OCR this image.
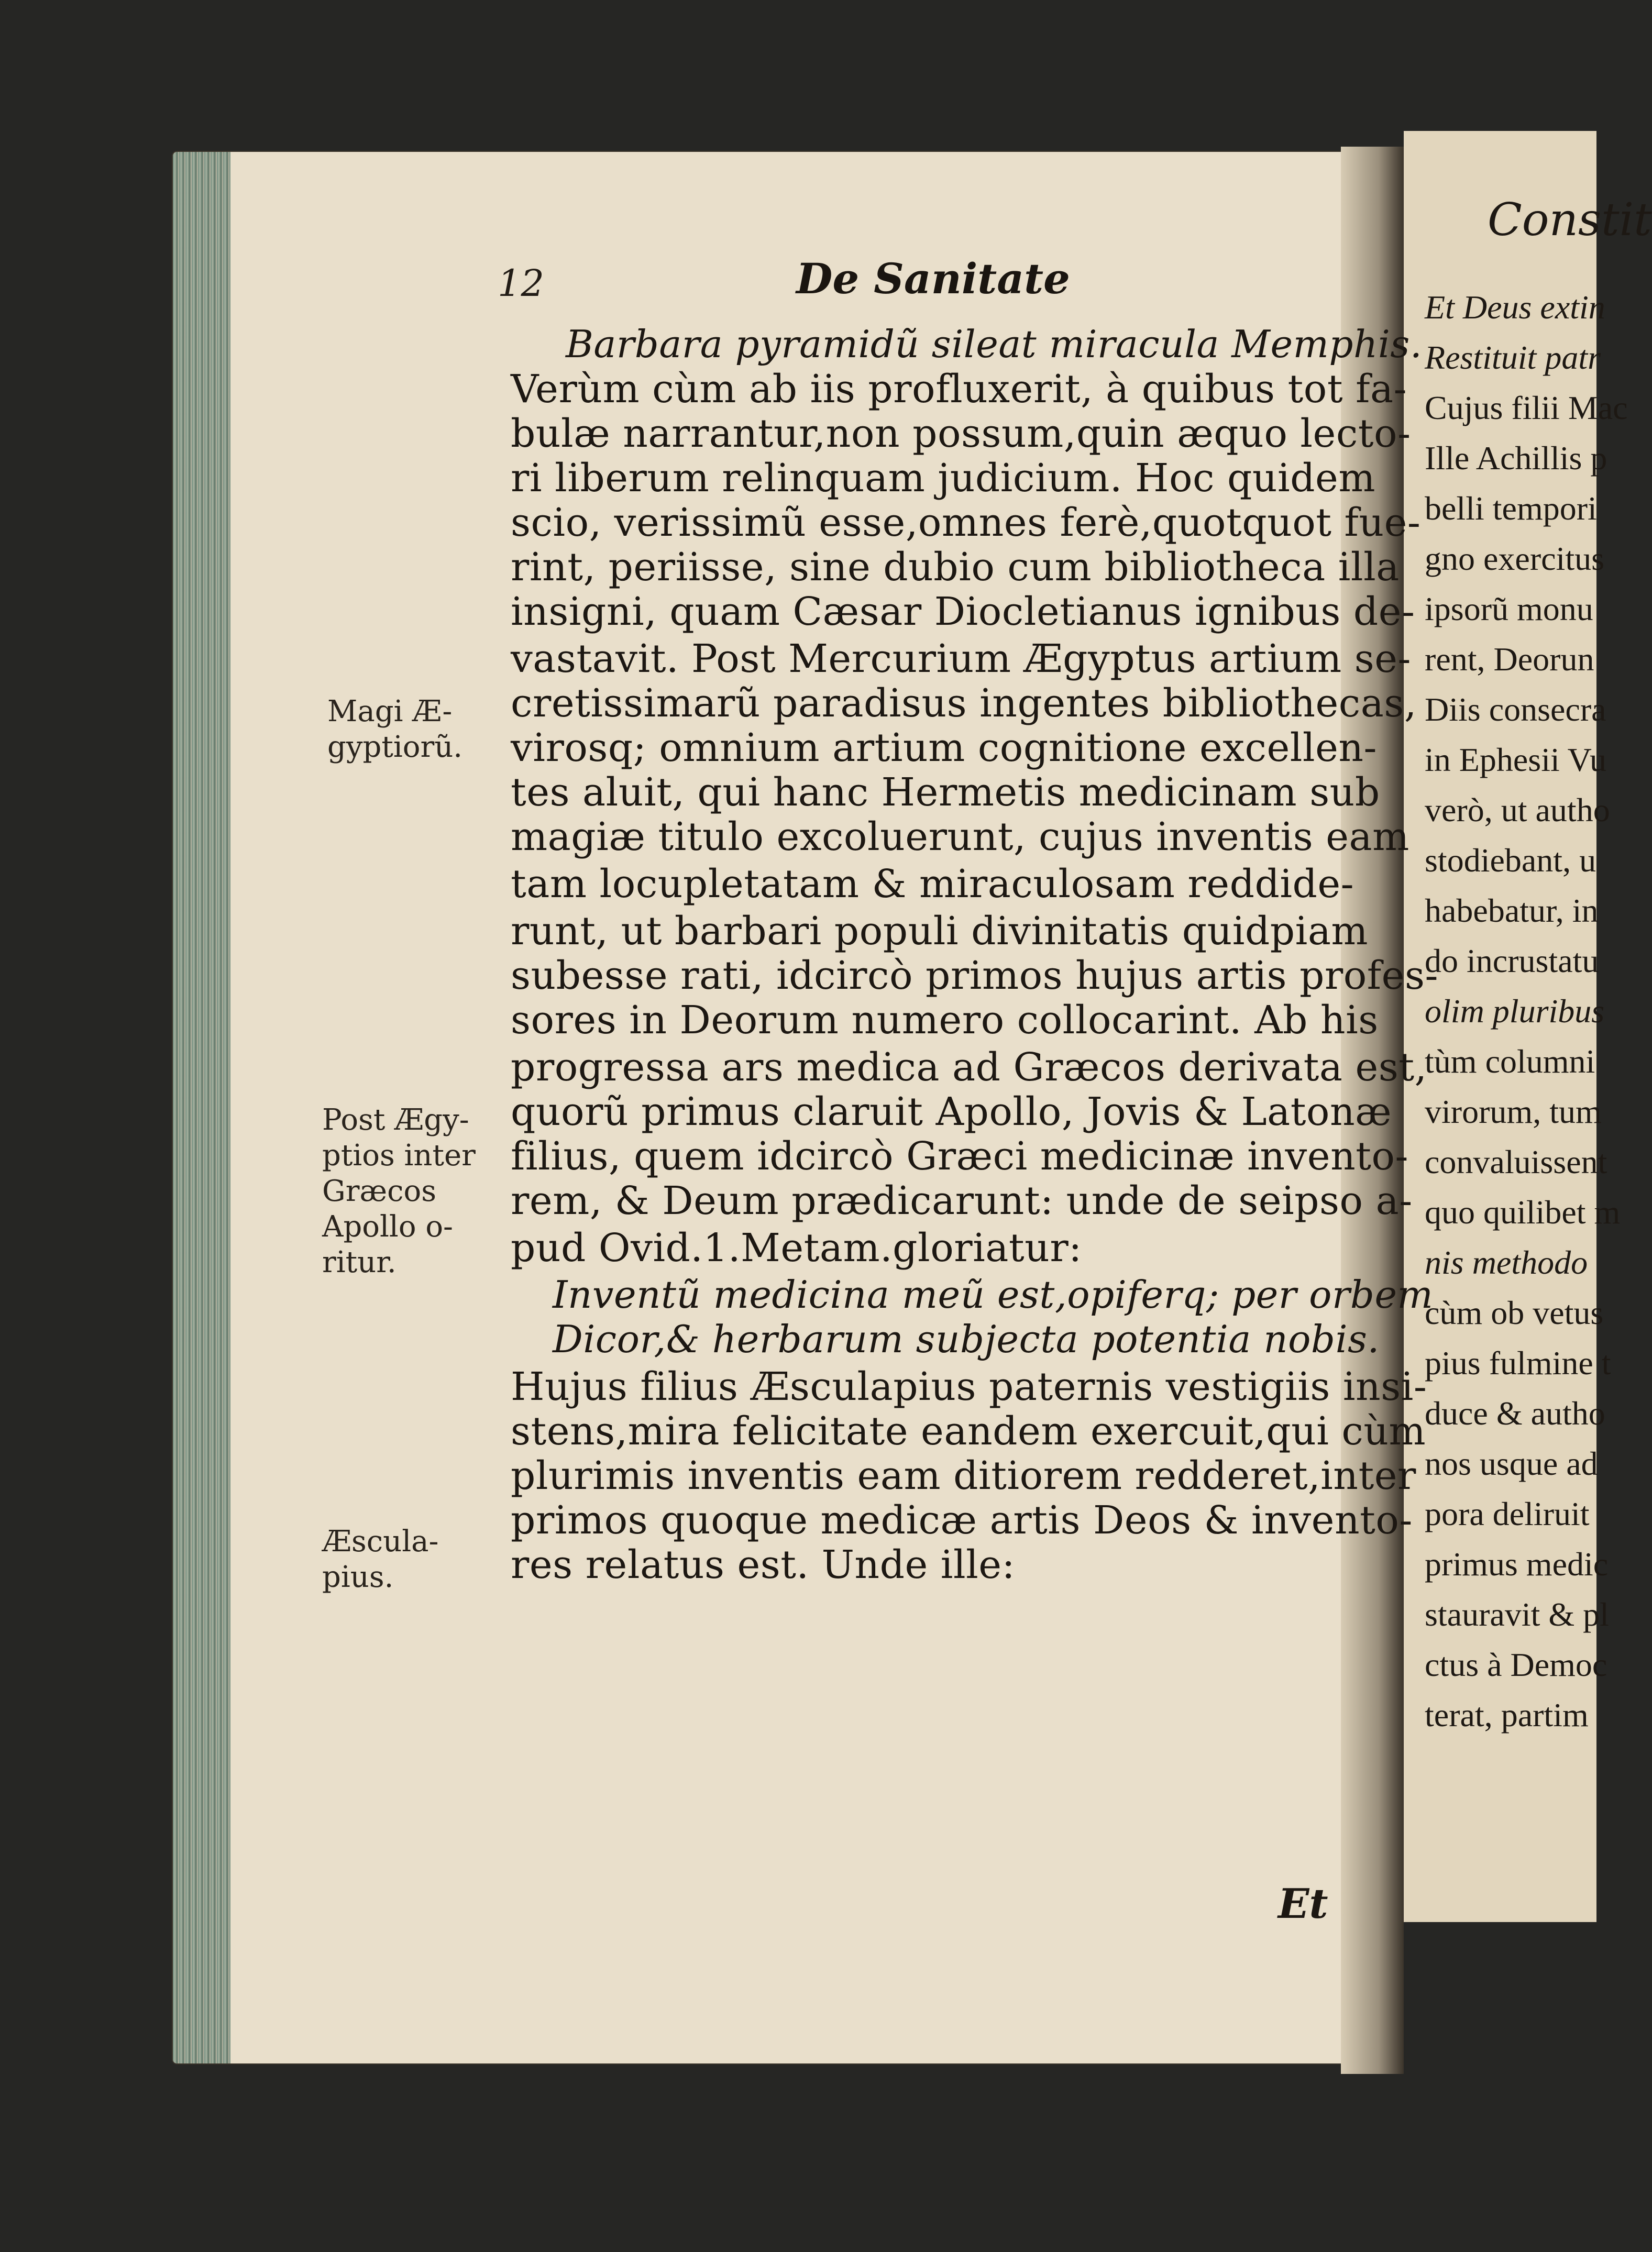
Constit
Et Deus extin
Restituit patr
Cujus filii Mac
Ille Achillis p
belli tempori
gno exercitus
ipsorũ monu
rent, Deorun
Diis consecra
in Ephesii Vu
verò, ut autho
stodiebant, u
habebatur, in
do incrustatu
olim pluribus
tùm columni
virorum, tum
convaluissent
quo quilibet m
nis methodo
cùm ob vetus
pius fulmine t
duce & autho
nos usque ad
pora deliruit
primus medic
stauravit & pl
ctus à Democ
terat, partim
12	De Sanitate
Barbara pyramidũ sileat miracula Memphis.
Verùm cùm ab iis profluxerit, à quibus tot fa-
bulæ narrantur,non possum,quin æquo lecto-
ri liberum relinquam judicium. Hoc quidem
scio, verissimũ esse,omnes ferè,quotquot fue-
rint, periisse, sine dubio cum bibliotheca illa
insigni, quam Cæsar Diocletianus ignibus de-
vastavit. Post Mercurium Ægyptus artium se-
cretissimarũ paradisus ingentes bibliothecas,
virosq; omnium artium cognitione excellen-
tes aluit, qui hanc Hermetis medicinam sub
magiæ titulo excoluerunt, cujus inventis eam
tam locupletatam & miraculosam reddide-
runt, ut barbari populi divinitatis quidpiam
subesse rati, idcircò primos hujus artis profes-
sores in Deorum numero collocarint. Ab his
progressa ars medica ad Græcos derivata est,
quorũ primus claruit Apollo, Jovis & Latonæ
filius, quem idcircò Græci medicinæ invento-
rem, & Deum prædicarunt: unde de seipso a-
pud Ovid.1.Metam.gloriatur:
Inventũ medicina meũ est,opiferq; per orbem
Dicor,& herbarum subjecta potentia nobis.
Hujus filius Æsculapius paternis vestigiis insi-
stens,mira felicitate eandem exercuit,qui cùm
plurimis inventis eam ditiorem redderet,inter
primos quoque medicæ artis Deos & invento-
res relatus est. Unde ille:
Magi Æ-
gyptiorũ.
Post Ægy-
ptios inter
Græcos
Apollo o-
ritur.
Æscula-
pius.
Et
